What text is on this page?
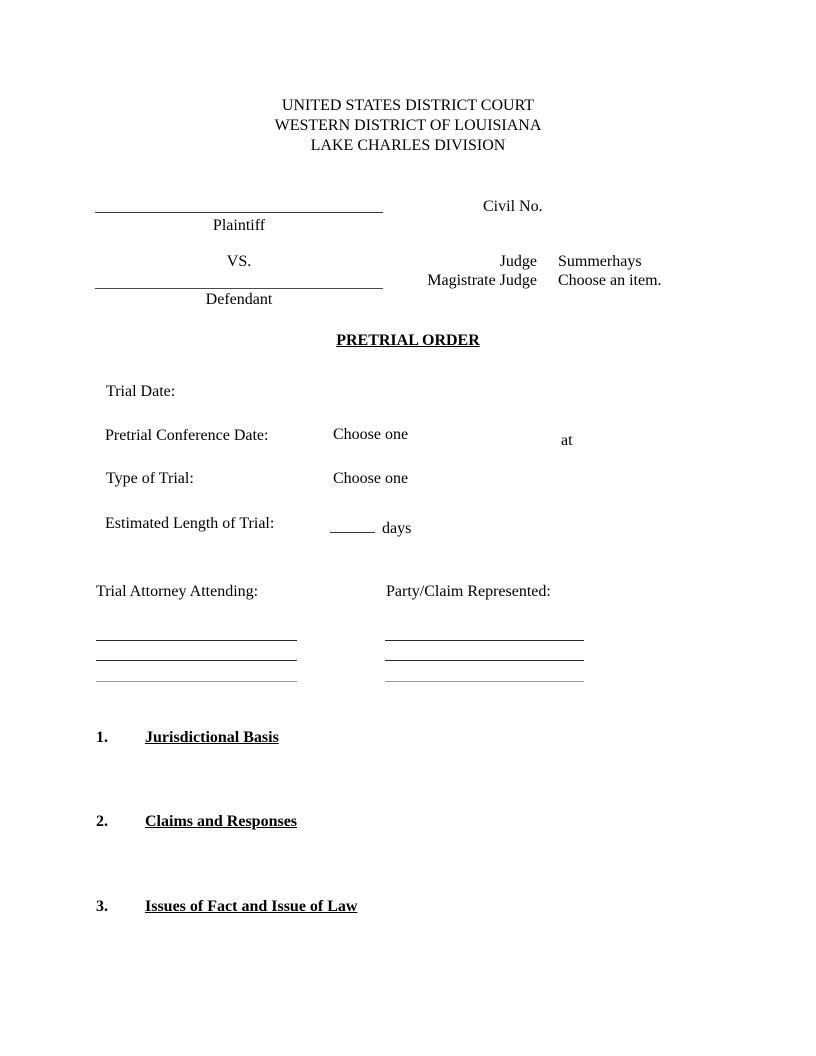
UNITED STATES DISTRICT COURT
WESTERN DISTRICT OF LOUISIANA
LAKE CHARLES DIVISION
Plaintiff
Civil No.
VS.	Judge Summerhays
Magistrate Judge Choose an item.
Defendant
PRETRIAL ORDER
Trial Date:
Pretrial Conference Date:	Choose one	at
Type of Trial:	Choose one
Estimated Length of Trial:	days
Trial Attorney Attending:	Party/Claim Represented:
1. Jurisdictional Basis
2. Claims and Responses
3. Issues of Fact and Issue of Law
